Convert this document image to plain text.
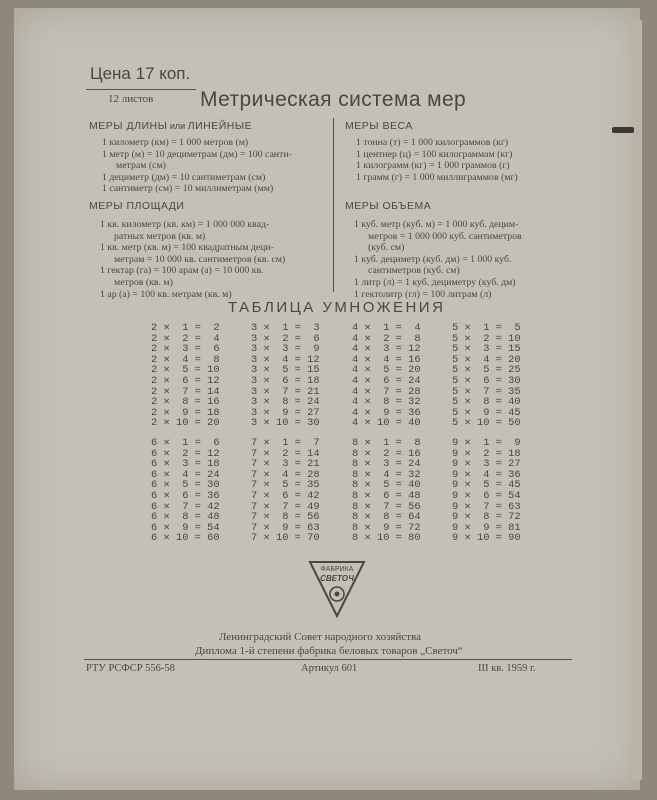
Цена 17 коп.
12 листов Метрическая система мер
МЕРЫ ДЛИНЫ или ЛИНЕЙНЫЕ
1 километр (км) = 1 000 метров (м)
1 метр (м) = 10 дециметрам (дм) = 100 санти-
метрам (см)
1 дециметр (дм) = 10 сантиметрам (см)
1 сантиметр (см) = 10 миллиметрам (мм)
МЕРЫ ВЕСА
1 тонна (т) = 1 000 килограммов (кг)
1 центнер (ц) = 100 килограммам (кг)
1 килограмм (кг) = 1 000 граммов (г)
1 грамм (г) = 1 000 миллиграммов (мг)
МЕРЫ ПЛОЩАДИ
1 кв. километр (кв. км) = 1 000 000 квад-
ратных метров (кв. м)
1 кв. метр (кв. м) = 100 квадратным деци-
метрам = 10 000 кв. сантиметров (кв. см)
1 гектар (га) = 100 арам (а) = 10 000 кв.
метров (кв. м)
1 ар (а) = 100 кв. метрам (кв. м)
МЕРЫ ОБЪЕМА
1 куб. метр (куб. м) = 1 000 куб. децим-
метров = 1 000 000 куб. сантиметров
(куб. см)
1 куб. дециметр (куб. дм) = 1 000 куб.
сантиметров (куб. см)
1 литр (л) = 1 куб. дециметру (куб. дм)
1 гектолитр (гл) = 100 литрам (л)
ТАБЛИЦА УМНОЖЕНИЯ
2 ✕  1 =  2
2 ✕  2 =  4
2 ✕  3 =  6
2 ✕  4 =  8
2 ✕  5 = 10
2 ✕  6 = 12
2 ✕  7 = 14
2 ✕  8 = 16
2 ✕  9 = 18
2 ✕ 10 = 20
3 ✕  1 =  3
3 ✕  2 =  6
3 ✕  3 =  9
3 ✕  4 = 12
3 ✕  5 = 15
3 ✕  6 = 18
3 ✕  7 = 21
3 ✕  8 = 24
3 ✕  9 = 27
3 ✕ 10 = 30
4 ✕  1 =  4
4 ✕  2 =  8
4 ✕  3 = 12
4 ✕  4 = 16
4 ✕  5 = 20
4 ✕  6 = 24
4 ✕  7 = 28
4 ✕  8 = 32
4 ✕  9 = 36
4 ✕ 10 = 40
5 ✕  1 =  5
5 ✕  2 = 10
5 ✕  3 = 15
5 ✕  4 = 20
5 ✕  5 = 25
5 ✕  6 = 30
5 ✕  7 = 35
5 ✕  8 = 40
5 ✕  9 = 45
5 ✕ 10 = 50
6 ✕  1 =  6
6 ✕  2 = 12
6 ✕  3 = 18
6 ✕  4 = 24
6 ✕  5 = 30
6 ✕  6 = 36
6 ✕  7 = 42
6 ✕  8 = 48
6 ✕  9 = 54
6 ✕ 10 = 60
7 ✕  1 =  7
7 ✕  2 = 14
7 ✕  3 = 21
7 ✕  4 = 28
7 ✕  5 = 35
7 ✕  6 = 42
7 ✕  7 = 49
7 ✕  8 = 56
7 ✕  9 = 63
7 ✕ 10 = 70
8 ✕  1 =  8
8 ✕  2 = 16
8 ✕  3 = 24
8 ✕  4 = 32
8 ✕  5 = 40
8 ✕  6 = 48
8 ✕  7 = 56
8 ✕  8 = 64
8 ✕  9 = 72
8 ✕ 10 = 80
9 ✕  1 =  9
9 ✕  2 = 18
9 ✕  3 = 27
9 ✕  4 = 36
9 ✕  5 = 45
9 ✕  6 = 54
9 ✕  7 = 63
9 ✕  8 = 72
9 ✕  9 = 81
9 ✕ 10 = 90
ФАБРИКА
СВЕТОЧ
Ленинградский Совет народного хозяйства
Диплома 1-й степени фабрика беловых товаров „Светоч“
РТУ РСФСР 556-58	Артикул 601	III кв. 1959 г.
